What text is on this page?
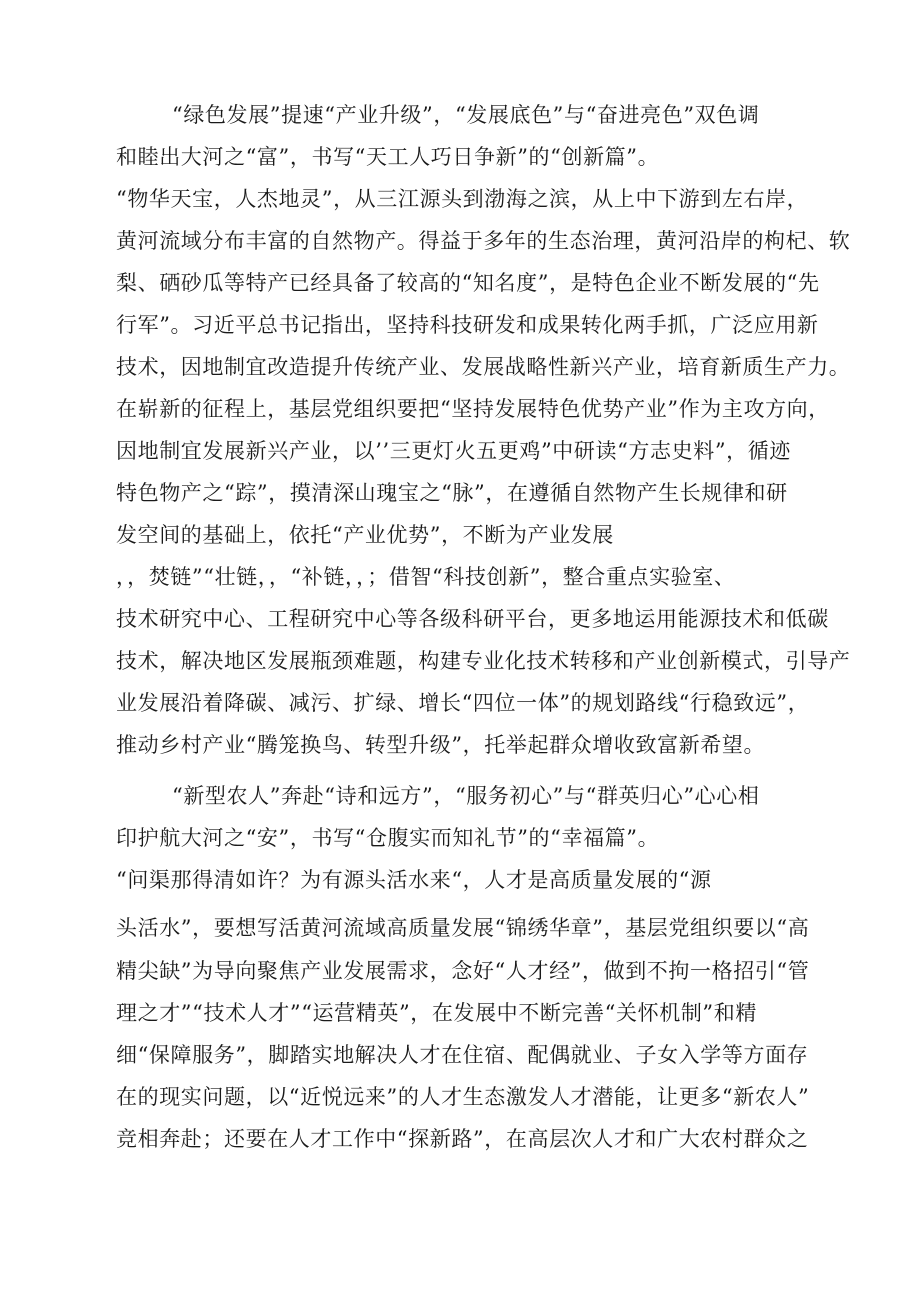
“绿色发展”提速“产业升级”，“发展底色”与“奋进亮色”双色调
和睦出大河之“富”，书写“天工人巧日争新”的“创新篇”。
“物华天宝，人杰地灵”，从三江源头到渤海之滨，从上中下游到左右岸，
黄河流域分布丰富的自然物产。得益于多年的生态治理，黄河沿岸的枸杞、软
梨、硒砂瓜等特产已经具备了较高的“知名度”，是特色企业不断发展的“先
行军”。习近平总书记指出，坚持科技研发和成果转化两手抓，广泛应用新
技术，因地制宜改造提升传统产业、发展战略性新兴产业，培育新质生产力。
在崭新的征程上，基层党组织要把“坚持发展特色优势产业”作为主攻方向，
因地制宜发展新兴产业，以’’三更灯火五更鸡”中研读“方志史料”，循迹
特色物产之“踪”，摸清深山瑰宝之“脉”，在遵循自然物产生长规律和研
发空间的基础上，依托“产业优势”，不断为产业发展
，，焚链”“壮链，，“补链，，；借智“科技创新”，整合重点实验室、
技术研究中心、工程研究中心等各级科研平台，更多地运用能源技术和低碳
技术，解决地区发展瓶颈难题，构建专业化技术转移和产业创新模式，引导产
业发展沿着降碳、减污、扩绿、增长“四位一体”的规划路线“行稳致远”，
推动乡村产业“腾笼换鸟、转型升级”，托举起群众增收致富新希望。
“新型农人”奔赴“诗和远方”，“服务初心”与“群英归心”心心相
印护航大河之“安”，书写“仓腹实而知礼节”的“幸福篇”。
“问渠那得清如许？为有源头活水来“，人才是高质量发展的“源
头活水”，要想写活黄河流域高质量发展“锦绣华章”，基层党组织要以“高
精尖缺”为导向聚焦产业发展需求，念好“人才经”，做到不拘一格招引“管
理之才”“技术人才”“运营精英”，在发展中不断完善“关怀机制”和精
细“保障服务”，脚踏实地解决人才在住宿、配偶就业、子女入学等方面存
在的现实问题，以“近悦远来”的人才生态激发人才潜能，让更多“新农人”
竞相奔赴；还要在人才工作中“探新路”，在高层次人才和广大农村群众之
